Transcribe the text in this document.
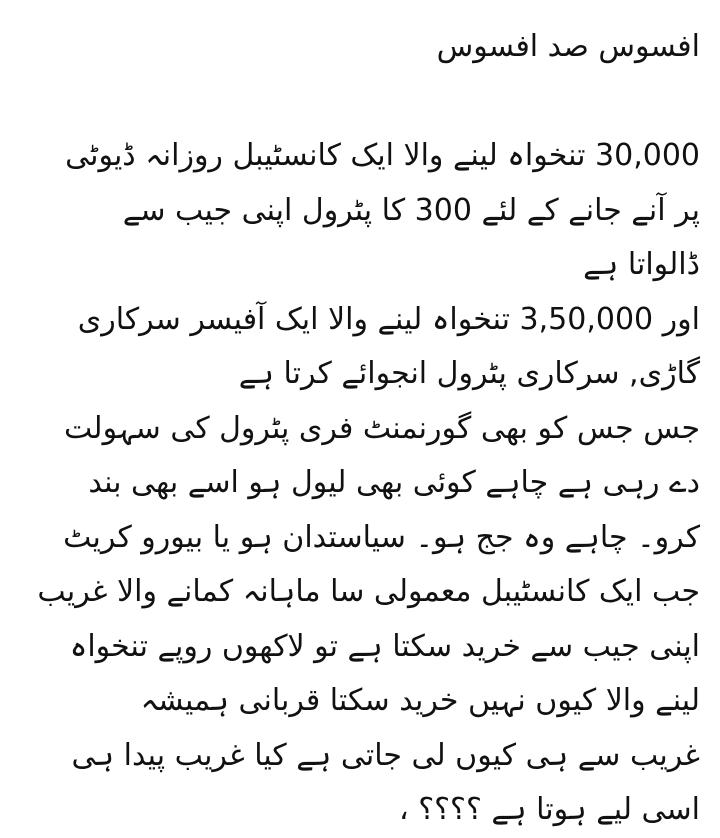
افسوس صد افسوس

30,000 تنخواہ لینے والا ایک کانسٹیبل روزانہ ڈیوٹی

پر آنے جانے کے لئے 300 کا پٹرول اپنی جیب سے

ڈالواتا ہے

اور 3,50,000 تنخواہ لینے والا ایک آفیسر سرکاری

گاڑی, سرکاری پٹرول انجوائے کرتا ہے

جس جس کو بھی گورنمنٹ فری پٹرول کی سہولت

دے رہی ہے چاہے کوئی بھی لیول ہو اسے بھی بند

کرو۔ چاہے وہ جج ہو۔ سیاستدان ہو یا بیورو کریٹ

جب ایک کانسٹیبل معمولی سا ماہانہ کمانے والا غریب

اپنی جیب سے خرید سکتا ہے تو لاکھوں روپے تنخواہ

لینے والا کیوں نہیں خرید سکتا قربانی ہمیشہ

غریب سے ہی کیوں لی جاتی ہے کیا غریب پیدا ہی

اسی لیے ہوتا ہے ؟؟؟؟ ،
